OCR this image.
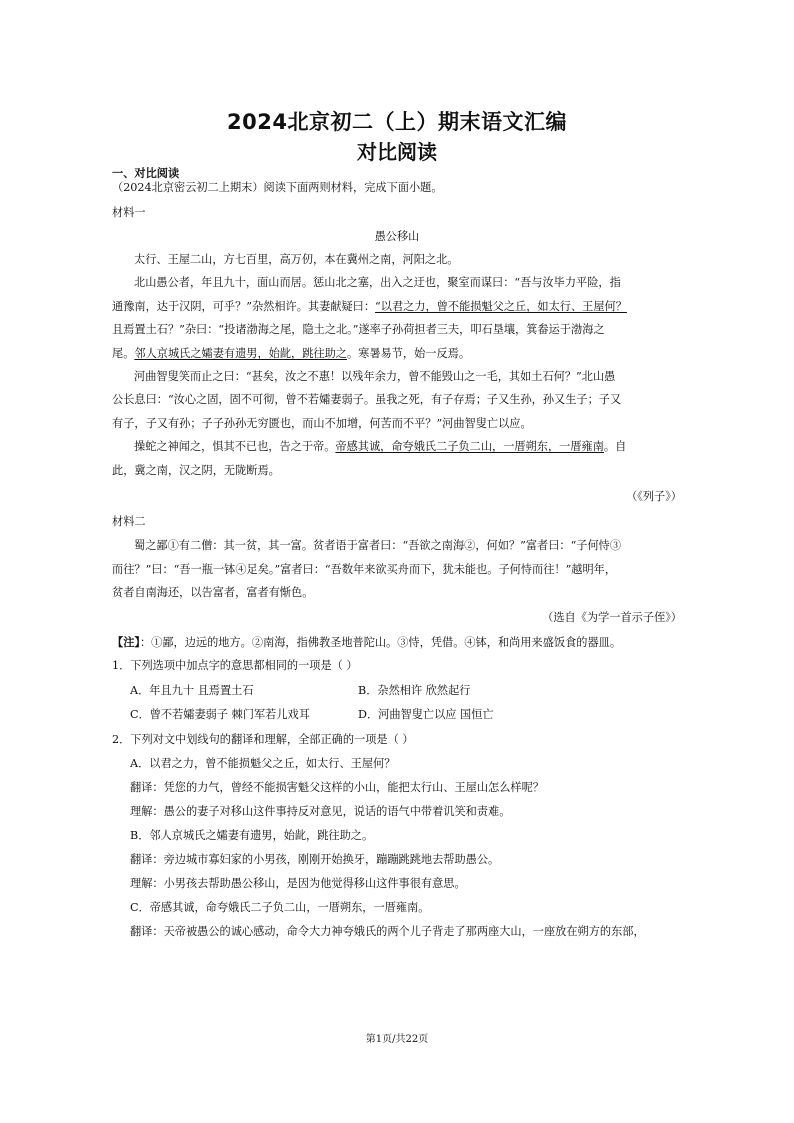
2024北京初二（上）期末语文汇编
对比阅读
一、对比阅读
（2024北京密云初二上期末）阅读下面两则材料，完成下面小题。
材料一
愚公移山
太行、王屋二山，方七百里，高万仞，本在冀州之南，河阳之北。
北山愚公者，年且九十，面山而居。惩山北之塞，出入之迂也，聚室而谋曰：“吾与汝毕力平险，指
通豫南，达于汉阴，可乎？”杂然相许。其妻献疑曰：“以君之力，曾不能损魁父之丘，如太行、王屋何？
且焉置土石？”杂曰：“投诸渤海之尾，隐土之北。”遂率子孙荷担者三夫，叩石垦壤，箕畚运于渤海之
尾。邻人京城氏之孀妻有遗男，始龀，跳往助之。寒暑易节，始一反焉。
河曲智叟笑而止之曰：“甚矣，汝之不惠！以残年余力，曾不能毁山之一毛，其如土石何？”北山愚
公长息曰：“汝心之固，固不可彻，曾不若孀妻弱子。虽我之死，有子存焉；子又生孙，孙又生子；子又
有子，子又有孙；子子孙孙无穷匮也，而山不加增，何苦而不平？”河曲智叟亡以应。
操蛇之神闻之，惧其不已也，告之于帝。帝感其诚，命夸娥氏二子负二山，一厝朔东，一厝雍南。自
此，冀之南，汉之阴，无陇断焉。
（《列子》）
材料二
蜀之鄙①有二僧：其一贫，其一富。贫者语于富者曰：“吾欲之南海②，何如？”富者曰：“子何恃③
而往？”曰：“吾一瓶一钵④足矣。”富者曰：“吾数年来欲买舟而下，犹未能也。子何恃而往！”越明年，
贫者自南海还，以告富者，富者有惭色。
（选自《为学一首示子侄》）
【注】：①鄙，边远的地方。②南海，指佛教圣地普陀山。③恃，凭借。④钵，和尚用来盛饭食的器皿。
1．下列选项中加点字的意思都相同的一项是（ ）
A．年且九十 且焉置土石	B．杂然相许 欣然起行
C．曾不若孀妻弱子 棘门军若儿戏耳	D．河曲智叟亡以应 国恒亡
2．下列对文中划线句的翻译和理解，全部正确的一项是（ ）
A．以君之力，曾不能损魁父之丘，如太行、王屋何？
翻译：凭您的力气，曾经不能损害魁父这样的小山，能把太行山、王屋山怎么样呢？
理解：愚公的妻子对移山这件事持反对意见，说话的语气中带着讥笑和责难。
B．邻人京城氏之孀妻有遗男，始龀，跳往助之。
翻译：旁边城市寡妇家的小男孩，刚刚开始换牙，蹦蹦跳跳地去帮助愚公。
理解：小男孩去帮助愚公移山，是因为他觉得移山这件事很有意思。
C．帝感其诚，命夸娥氏二子负二山，一厝朔东，一厝雍南。
翻译：天帝被愚公的诚心感动，命令大力神夸娥氏的两个儿子背走了那两座大山，一座放在朔方的东部，
第1页/共22页
